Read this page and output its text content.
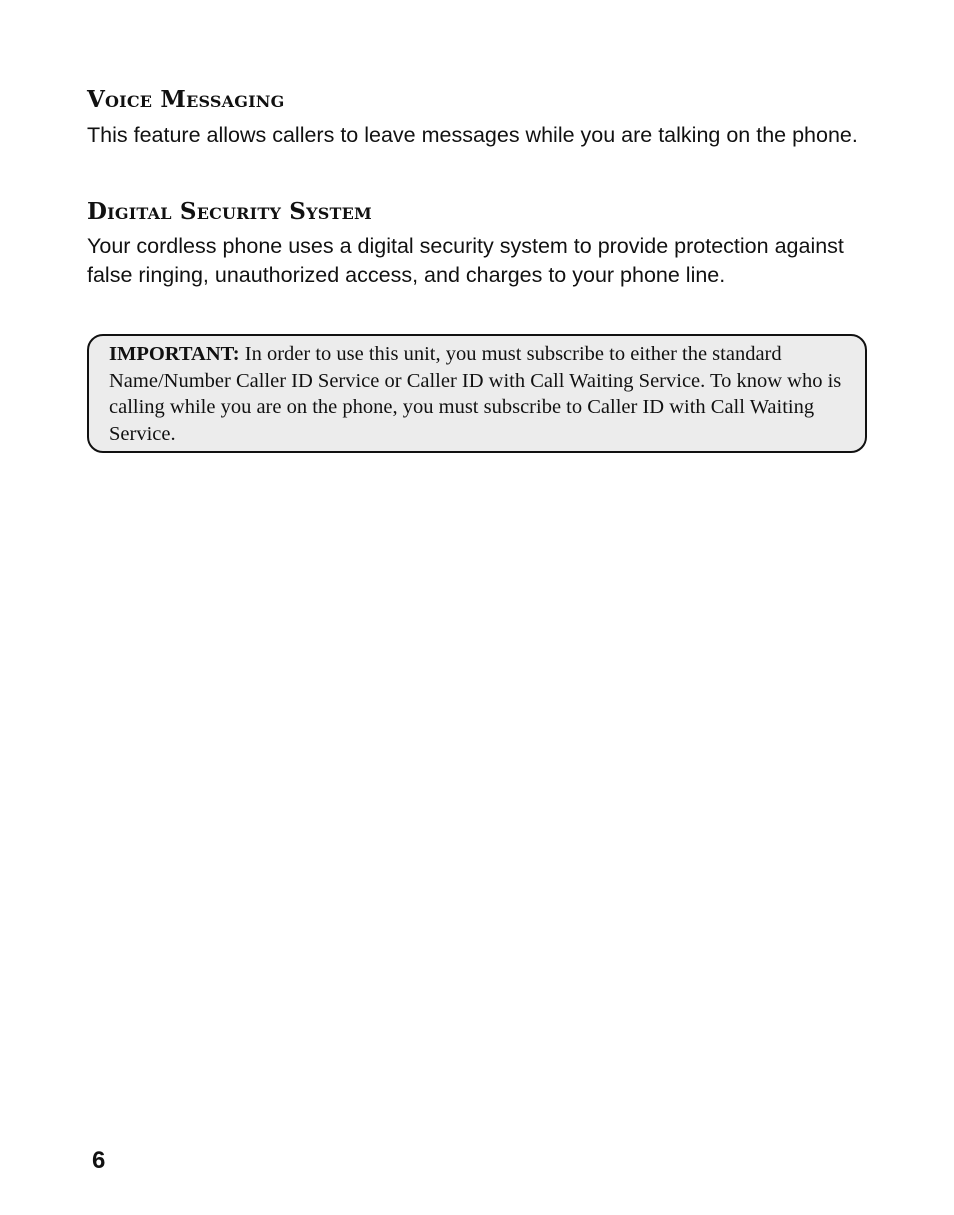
Voice Messaging

This feature allows callers to leave messages while you are talking on the phone.

Digital Security System

Your cordless phone uses a digital security system to provide protection against false ringing, unauthorized access, and charges to your phone line.

IMPORTANT: In order to use this unit, you must subscribe to either the standard Name/Number Caller ID Service or Caller ID with Call Waiting Service. To know who is calling while you are on the phone, you must subscribe to Caller ID with Call Waiting Service.
6
